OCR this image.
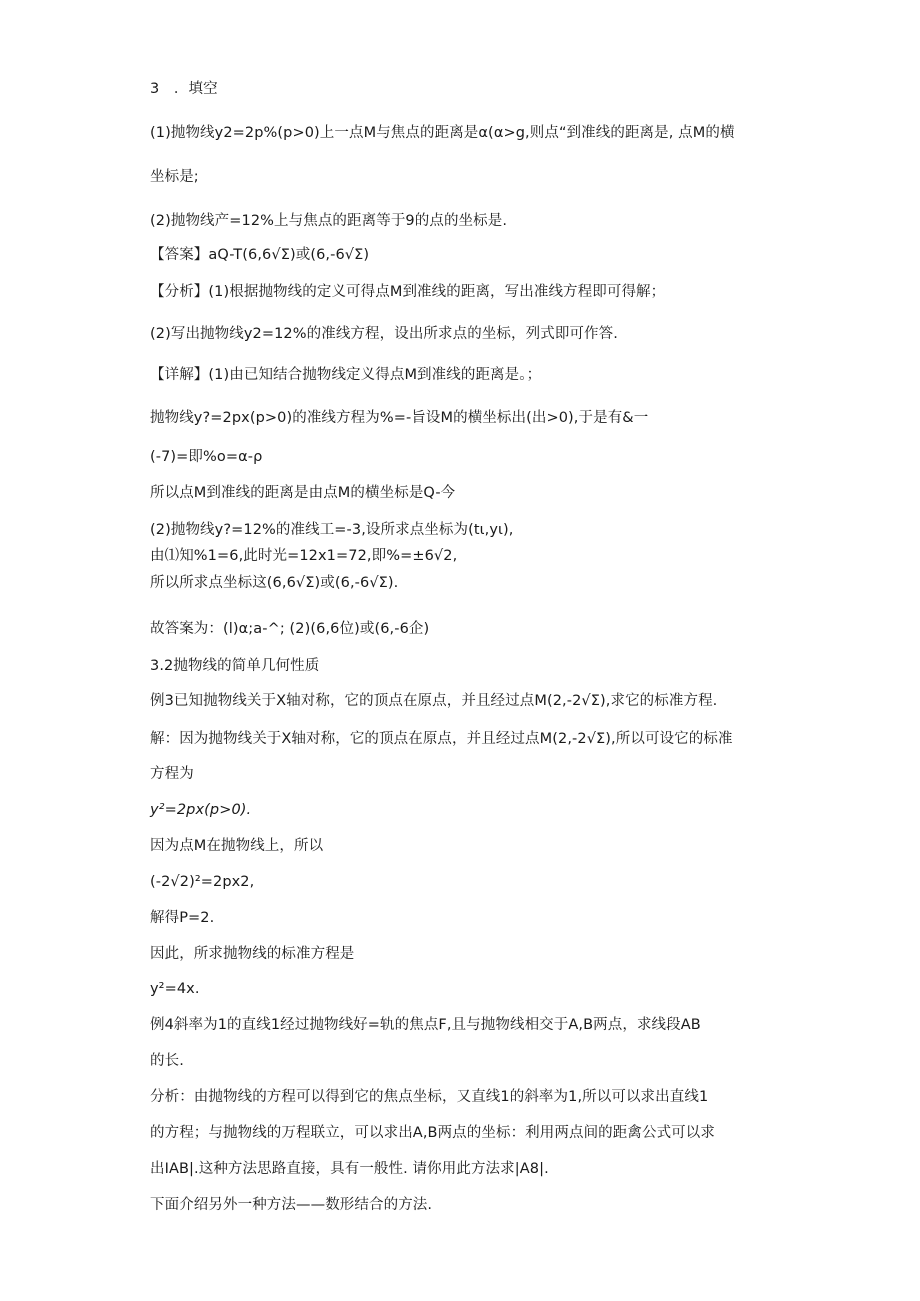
3　．填空
(1)抛物线y2=2p%(p>0)上一点M与焦点的距离是α(α>g,则点“到准线的距离是, 点M的横
坐标是;
(2)抛物线产=12%上与焦点的距离等于9的点的坐标是.
【答案】aQ-T(6,6√Σ)或(6,-6√Σ)
【分析】(1)根据抛物线的定义可得点M到准线的距离，写出准线方程即可得解；
(2)写出抛物线y2=12%的准线方程，设出所求点的坐标，列式即可作答.
【详解】(1)由已知结合抛物线定义得点M到准线的距离是。；
抛物线y?=2px(p>0)的准线方程为%=-旨设M的横坐标出(出>0),于是有&一
(-7)=即%o=α-ρ
所以点M到准线的距离是由点M的横坐标是Q-今
(2)抛物线y?=12%的准线工=-3,设所求点坐标为(tι,yι),
由⑴知%1=6,此时光=12x1=72,即%=±6√2,
所以所求点坐标这(6,6√Σ)或(6,-6√Σ).
故答案为：(l)α;a-^; (2)(6,6位)或(6,-6企)
3.2抛物线的简单几何性质
例3已知抛物线关于X轴对称，它的顶点在原点，并且经过点M(2,-2√Σ),求它的标准方程.
解：因为抛物线关于X轴对称，它的顶点在原点，并且经过点M(2,-2√Σ),所以可设它的标准
方程为
y²=2px(p>0).
因为点M在抛物线上，所以
(-2√2)²=2px2,
解得P=2.
因此，所求抛物线的标准方程是
y²=4x.
例4斜率为1的直线1经过抛物线好=轨的焦点F,且与抛物线相交于A,B两点，求线段AB
的长.
分析：由抛物线的方程可以得到它的焦点坐标，又直线1的斜率为1,所以可以求出直线1
的方程；与抛物线的万程联立，可以求出A,B两点的坐标：利用两点间的距禽公式可以求
出IAB|.这种方法思路直接，具有一般性. 请你用此方法求|A8|.
下面介绍另外一种方法——数形结合的方法.
